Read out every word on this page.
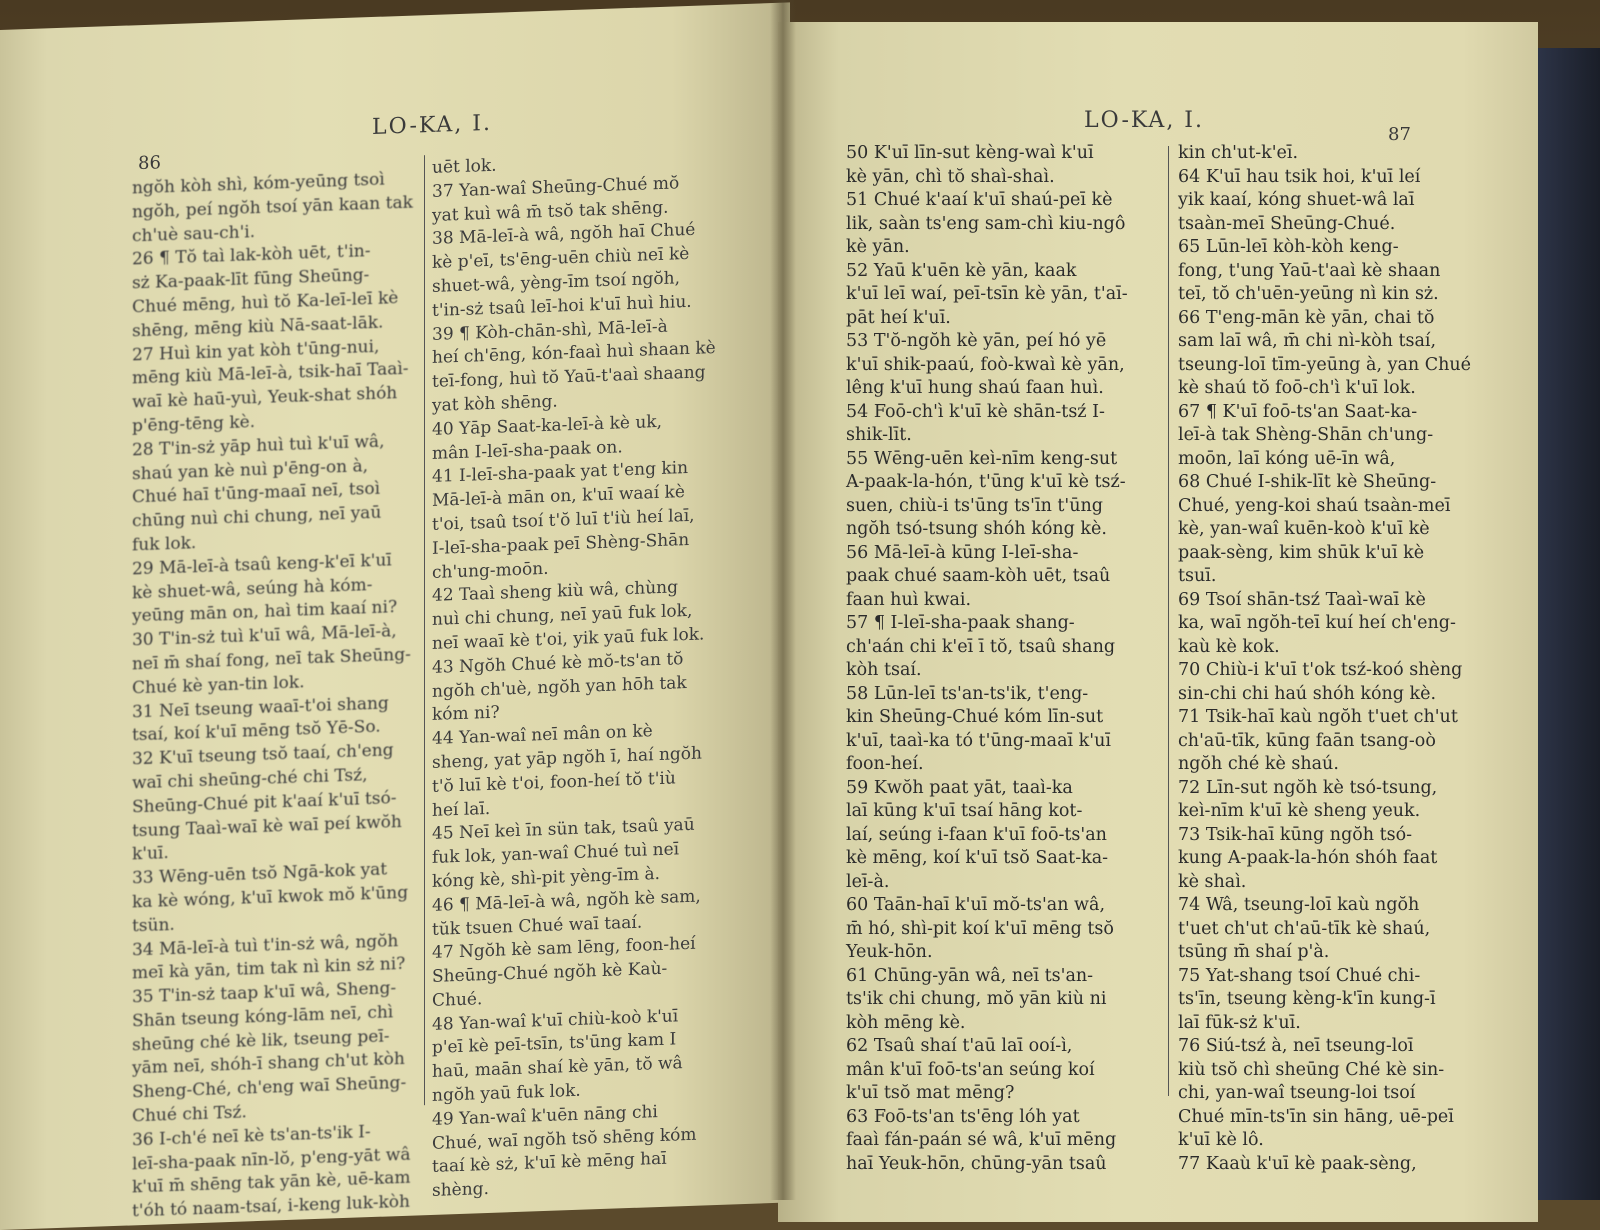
LO-KA, I.
86

ngŏh kòh shì, kóm-yeūng tsoì

ngŏh, peí ngŏh tsoí yān kaan tak

ch'uè sau-ch'i.

26 ¶ Tŏ taì lak-kòh uēt, t'in-

sż Ka-paak-līt fūng Sheūng-

Chué mēng, huì tŏ Ka-leī-leī kè

shēng, mēng kiù Nā-saat-lāk.

27 Huì kin yat kòh t'ūng-nui,

mēng kiù Mā-leī-à, tsik-haī Taaì-

waī kè haū-yuì, Yeuk-shat shóh

p'ēng-tēng kè.

28 T'in-sż yāp huì tuì k'uī wâ,

shaú yan kè nuì p'ēng-on à,

Chué haī t'ūng-maaī neī, tsoì

chūng nuì chi chung, neī yaū

fuk lok.

29 Mā-leī-à tsaû keng-k'eī k'uī

kè shuet-wâ, seúng hà kóm-

yeūng mān on, haì tim kaaí ni?

30 T'in-sż tuì k'uī wâ, Mā-leī-à,

neī m̄ shaí fong, neī tak Sheūng-

Chué kè yan-tin lok.

31 Neī tseung waaī-t'oi shang

tsaí, koí k'uī mēng tsŏ Yē-So.

32 K'uī tseung tsŏ taaí, ch'eng

waī chi sheūng-ché chi Tsź,

Sheūng-Chué pit k'aaí k'uī tsó-

tsung Taaì-waī kè waī peí kwŏh

k'uī.

33 Wēng-uēn tsŏ Ngā-kok yat

ka kè wóng, k'uī kwok mŏ k'ūng

tsün.

34 Mā-leī-à tuì t'in-sż wâ, ngŏh

meī kà yān, tim tak nì kin sż ni?

35 T'in-sż taap k'uī wâ, Sheng-

Shān tseung kóng-lām neī, chì

sheūng ché kè lik, tseung peī-

yām neī, shóh-ī shang ch'ut kòh

Sheng-Ché, ch'eng waī Sheūng-

Chué chi Tsź.

36 I-ch'é neī kè ts'an-ts'ik I-

leī-sha-paak nīn-lŏ, p'eng-yāt wâ

k'uī m̄ shēng tak yān kè, uē-kam

t'óh tó naam-tsaí, i-keng luk-kòh

uēt lok.

37 Yan-waî Sheūng-Chué mŏ

yat kuì wâ m̄ tsŏ tak shēng.

38 Mā-leī-à wâ, ngŏh haī Chué

kè p'eī, ts'ēng-uēn chiù neī kè

shuet-wâ, yèng-īm tsoí ngŏh,

t'in-sż tsaû leī-hoi k'uī huì hiu.

39 ¶ Kòh-chān-shì, Mā-leī-à

heí ch'ēng, kón-faaì huì shaan kè

teī-fong, huì tŏ Yaū-t'aaì shaang

yat kòh shēng.

40 Yāp Saat-ka-leī-à kè uk,

mân I-leī-sha-paak on.

41 I-leī-sha-paak yat t'eng kin

Mā-leī-à mān on, k'uī waaí kè

t'oi, tsaû tsoí t'ŏ luī t'iù heí laī,

I-leī-sha-paak peī Shèng-Shān

ch'ung-moōn.

42 Taaì sheng kiù wâ, chùng

nuì chi chung, neī yaū fuk lok,

neī waaī kè t'oi, yik yaū fuk lok.

43 Ngŏh Chué kè mŏ-ts'an tŏ

ngŏh ch'uè, ngŏh yan hōh tak

kóm ni?

44 Yan-waî neī mân on kè

sheng, yat yāp ngŏh ī, haí ngŏh

t'ŏ luī kè t'oi, foon-heí tŏ t'iù

heí laī.

45 Neī keì īn sün tak, tsaû yaū

fuk lok, yan-waî Chué tuì neī

kóng kè, shì-pit yèng-īm à.

46 ¶ Mā-leī-à wâ, ngŏh kè sam,

tŭk tsuen Chué waī taaí.

47 Ngŏh kè sam lēng, foon-heí

Sheūng-Chué ngŏh kè Kaù-

Chué.

48 Yan-waî k'uī chiù-koò k'uī

p'eī kè peī-tsīn, ts'ūng kam I

haū, maān shaí kè yān, tŏ wâ

ngŏh yaū fuk lok.

49 Yan-waî k'uēn nāng chi

Chué, waī ngŏh tsŏ shēng kóm

taaí kè sż, k'uī kè mēng haī

shèng.

LO-KA, I.
87

50 K'uī līn-sut kèng-waì k'uī

kè yān, chì tŏ shaì-shaì.

51 Chué k'aaí k'uī shaú-peī kè

lik, saàn ts'eng sam-chì kiu-ngô

kè yān.

52 Yaū k'uēn kè yān, kaak

k'uī leī waí, peī-tsīn kè yān, t'aī-

pāt heí k'uī.

53 T'ŏ-ngŏh kè yān, peí hó yē

k'uī shik-paaú, foò-kwaì kè yān,

lêng k'uī hung shaú faan huì.

54 Foō-ch'ì k'uī kè shān-tsź I-

shik-līt.

55 Wēng-uēn keì-nīm keng-sut

A-paak-la-hón, t'ūng k'uī kè tsź-

suen, chiù-i ts'ūng ts'īn t'ūng

ngŏh tsó-tsung shóh kóng kè.

56 Mā-leī-à kūng I-leī-sha-

paak chué saam-kòh uēt, tsaû

faan huì kwai.

57 ¶ I-leī-sha-paak shang-

ch'aán chi k'eī ī tŏ, tsaû shang

kòh tsaí.

58 Lūn-leī ts'an-ts'ik, t'eng-

kin Sheūng-Chué kóm līn-sut

k'uī, taaì-ka tó t'ūng-maaī k'uī

foon-heí.

59 Kwŏh paat yāt, taaì-ka

laī kūng k'uī tsaí hāng kot-

laí, seúng i-faan k'uī foō-ts'an

kè mēng, koí k'uī tsŏ Saat-ka-

leī-à.

60 Taān-haī k'uī mŏ-ts'an wâ,

m̄ hó, shì-pit koí k'uī mēng tsŏ

Yeuk-hōn.

61 Chūng-yān wâ, neī ts'an-

ts'ik chi chung, mŏ yān kiù ni

kòh mēng kè.

62 Tsaû shaí t'aū laī ooí-ì,

mân k'uī foō-ts'an seúng koí

k'uī tsŏ mat mēng?

63 Foō-ts'an ts'ēng lóh yat

faaì fán-paán sé wâ, k'uī mēng

haī Yeuk-hōn, chūng-yān tsaû

kin ch'ut-k'eī.

64 K'uī hau tsik hoi, k'uī leí

yik kaaí, kóng shuet-wâ laī

tsaàn-meī Sheūng-Chué.

65 Lūn-leī kòh-kòh keng-

fong, t'ung Yaū-t'aaì kè shaan

teī, tŏ ch'uēn-yeūng nì kin sż.

66 T'eng-mān kè yān, chai tŏ

sam laī wâ, m̄ chi nì-kòh tsaí,

tseung-loī tīm-yeūng à, yan Chué

kè shaú tŏ foō-ch'ì k'uī lok.

67 ¶ K'uī foō-ts'an Saat-ka-

leī-à tak Shèng-Shān ch'ung-

moōn, laī kóng uē-īn wâ,

68 Chué I-shik-līt kè Sheūng-

Chué, yeng-koi shaú tsaàn-meī

kè, yan-waî kuēn-koò k'uī kè

paak-sèng, kim shūk k'uī kè

tsuī.

69 Tsoí shān-tsź Taaì-waī kè

ka, waī ngŏh-teī kuí heí ch'eng-

kaù kè kok.

70 Chiù-i k'uī t'ok tsź-koó shèng

sin-chi chi haú shóh kóng kè.

71 Tsik-haī kaù ngŏh t'uet ch'ut

ch'aū-tīk, kūng faān tsang-oò

ngŏh ché kè shaú.

72 Līn-sut ngŏh kè tsó-tsung,

keì-nīm k'uī kè sheng yeuk.

73 Tsik-haī kūng ngŏh tsó-

kung A-paak-la-hón shóh faat

kè shaì.

74 Wâ, tseung-loī kaù ngŏh

t'uet ch'ut ch'aū-tīk kè shaú,

tsūng m̄ shaí p'à.

75 Yat-shang tsoí Chué chi-

ts'īn, tseung kèng-k'īn kung-ī

laī fūk-sż k'uī.

76 Siú-tsź à, neī tseung-loī

kiù tsŏ chì sheūng Ché kè sin-

chi, yan-waî tseung-loi tsoí

Chué mīn-ts'īn sin hāng, uē-peī

k'uī kè lô.

77 Kaaù k'uī kè paak-sèng,
